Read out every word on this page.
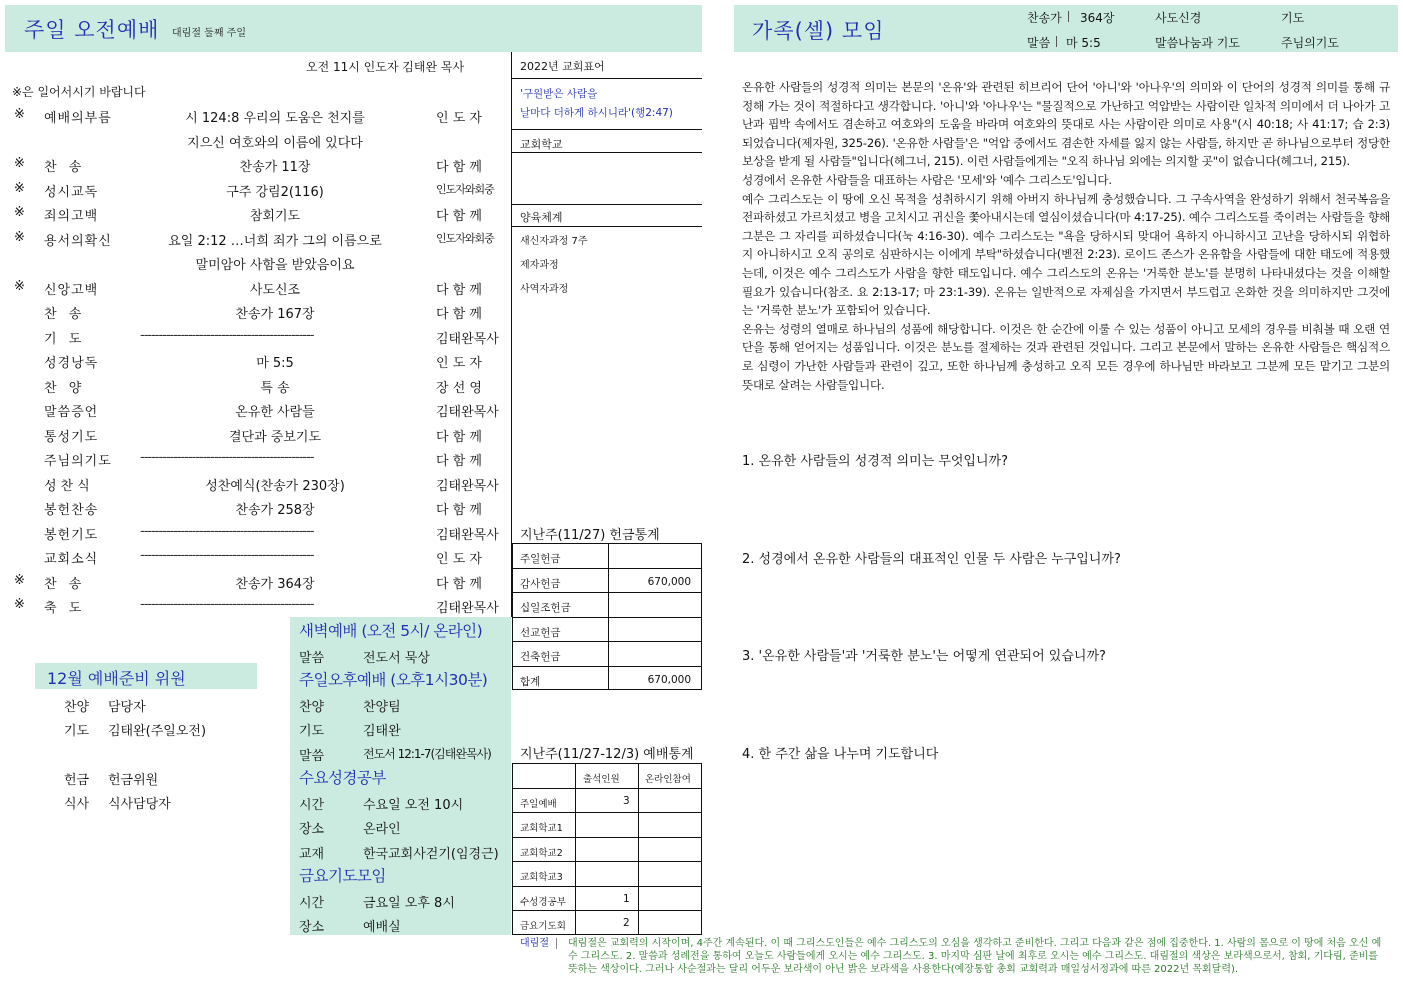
주일 오전예배 대림절 둘째 주일
오전 11시 인도자 김태완 목사
※은 일어서시기 바랍니다
※ 예배의부름	시 124:8 우리의 도움은 천지를	인 도 자
지으신 여호와의 이름에 있다다
※ 찬 송	찬송가 11장	다 함 께
※ 성시교독	구주 강림2(116)	인도자와회중
※ 죄의고백	참회기도	다 함 께
※ 용서의확신	요일 2:12 …너희 죄가 그의 이름으로	인도자와회중
말미암아 사함을 받았음이요
※ 신앙고백	사도신조	다 함 께
찬 송	찬송가 167장	다 함 께
기 도	-----------------------------------------------	김태완목사
성경낭독	마 5:5	인 도 자
찬 양	특 송	장 선 영
말씀증언	온유한 사람들	김태완목사
통성기도	결단과 중보기도	다 함 께
주님의기도 -----------------------------------------------	다 함 께
성찬식	성찬예식(찬송가 230장)	김태완목사
봉헌찬송	찬송가 258장	다 함 께
봉헌기도	-----------------------------------------------	김태완목사
교회소식	-----------------------------------------------	인 도 자
※ 찬 송	찬송가 364장	다 함 께
※ 축 도	-----------------------------------------------	김태완목사
2022년 교회표어
'구원받은 사람을
날마다 더하게 하시니라'(행2:47)
교회학교
양육체계
새신자과정 7주
제자과정
사역자과정
지난주(11/27) 헌금통계
주일헌금
감사헌금	670,000
십일조헌금
선교헌금
건축헌금
합계	670,000
지난주(11/27-12/3) 예배통계
출석인원	온라인참여
주일예배	3
교회학교1
교회학교2
교회학교3
수성경공부	1
금요기도회	2
12월 예배준비 위원
찬양 담당자
기도 김태완(주일오전)
헌금 헌금위원
식사 식사담당자
새벽예배 (오전 5시/ 온라인)
말씀	전도서 묵상
주일오후예배 (오후1시30분)
찬양	찬양팀
기도	김태완
말씀	전도서 12:1-7(김태완목사)
수요성경공부
시간	수요일 오전 10시
장소	온라인
교재	한국교회사걷기(임경근)
금요기도모임
시간	금요일 오후 8시
장소	예배실
가족(셀) 모임
찬송가 364장	사도신경	기도
말씀 마 5:5	말씀나눔과 기도	주님의기도

온유한 사람들의 성경적 의미는 본문의 '온유'와 관련된 히브리어 단어 '아니'와 '아나우'의 의미와 이 단어의 성경적 의미를 통해 규정해 가는 것이 적절하다고 생각합니다. '아니'와 '아나우'는 "물질적으로 가난하고 억압받는 사람이란 일차적 의미에서 더 나아가 고난과 핍박 속에서도 겸손하고 여호와의 도움을 바라며 여호와의 뜻대로 사는 사람이란 의미로 사용"(시 40:18; 사 41:17; 습 2:3) 되었습니다(제자원, 325-26). '온유한 사람들'은 "억압 중에서도 겸손한 자세를 잃지 않는 사람들, 하지만 곧 하나님으로부터 정당한 보상을 받게 될 사람들"입니다(헤그너, 215). 이런 사람들에게는 "오직 하나님 외에는 의지할 곳"이 없습니다(헤그너, 215).

성경에서 온유한 사람들을 대표하는 사람은 '모세'와 '예수 그리스도'입니다.

예수 그리스도는 이 땅에 오신 목적을 성취하시기 위해 아버지 하나님께 충성했습니다. 그 구속사역을 완성하기 위해서 천국복음을 전파하셨고 가르치셨고 병을 고치시고 귀신을 쫓아내시는데 열심이셨습니다(마 4:17-25). 예수 그리스도를 죽이려는 사람들을 향해 그분은 그 자리를 피하셨습니다(눅 4:16-30). 예수 그리스도는 "욕을 당하시되 맞대어 욕하지 아니하시고 고난을 당하시되 위협하지 아니하시고 오직 공의로 심판하시는 이에게 부탁"하셨습니다(벧전 2:23). 로이드 존스가 온유함을 사람들에 대한 태도에 적용했는데, 이것은 예수 그리스도가 사람을 향한 태도입니다. 예수 그리스도의 온유는 '거룩한 분노'를 분명히 나타내셨다는 것을 이해할 필요가 있습니다(참조. 요 2:13-17; 마 23:1-39). 온유는 일반적으로 자제심을 가지면서 부드럽고 온화한 것을 의미하지만 그것에는 '거룩한 분노'가 포함되어 있습니다.

온유는 성령의 열매로 하나님의 성품에 해당합니다. 이것은 한 순간에 이룰 수 있는 성품이 아니고 모세의 경우를 비춰볼 때 오랜 연단을 통해 얻어지는 성품입니다. 이것은 분노를 절제하는 것과 관련된 것입니다. 그리고 본문에서 말하는 온유한 사람들은 핵심적으로 심령이 가난한 사람들과 관련이 깊고, 또한 하나님께 충성하고 오직 모든 경우에 하나님만 바라보고 그분께 모든 맡기고 그분의 뜻대로 살려는 사람들입니다.

1. 온유한 사람들의 성경적 의미는 무엇입니까?
2. 성경에서 온유한 사람들의 대표적인 인물 두 사람은 누구입니까?
3. '온유한 사람들'과 '거룩한 분노'는 어떻게 연관되어 있습니까?
4. 한 주간 삶을 나누며 기도합니다
대림절 대림절은 교회력의 시작이며, 4주간 계속된다. 이 때 그리스도인들은 예수 그리스도의 오심을 생각하고 준비한다. 그리고 다음과 같은 점에 집중한다. 1. 사람의 몸으로 이 땅에 처음 오신 예수 그리스도. 2. 말씀과 성례전을 통하여 오늘도 사람들에게 오시는 예수 그리스도. 3. 마지막 심판 날에 최후로 오시는 예수 그리스도. 대림절의 색상은 보라색으로서, 참회, 기다림, 준비를 뜻하는 색상이다. 그러나 사순절과는 달리 어두운 보라색이 아닌 밝은 보라색을 사용한다(예장통합 총회 교회력과 매일성서정과에 따른 2022년 목회달력).
